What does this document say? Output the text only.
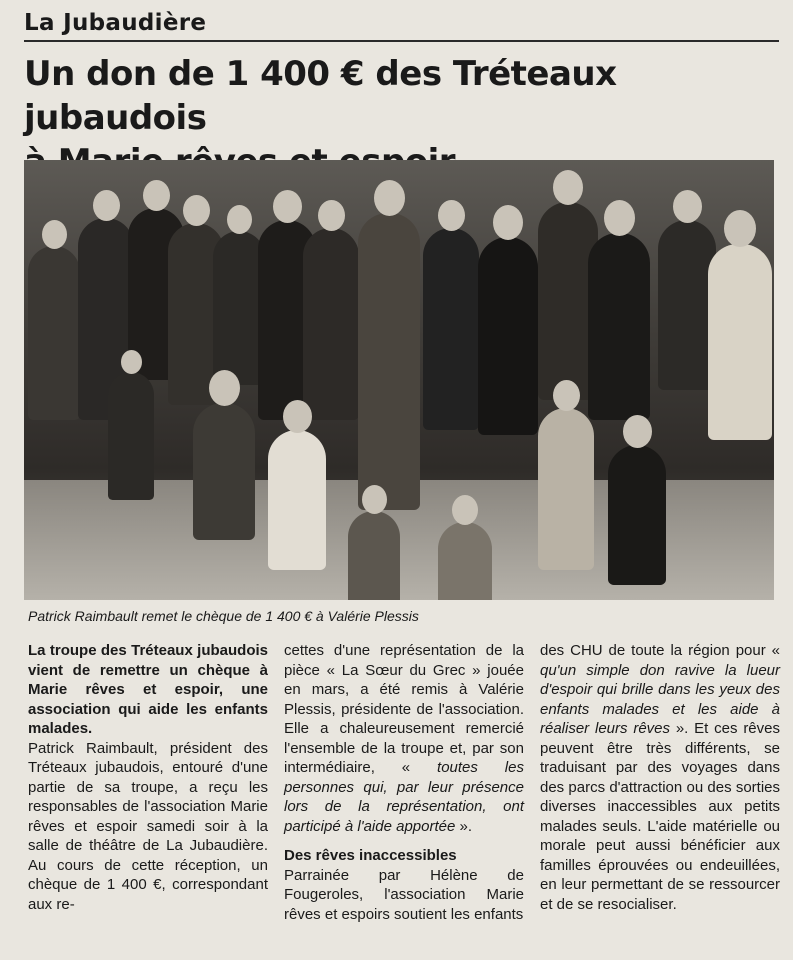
La Jubaudière
Un don de 1 400 € des Tréteaux jubaudois
Patrick Raimbault remet le chèque de 1 400 € à Valérie Plessis

La troupe des Tréteaux jubaudois vient de remettre un chèque à Marie rêves et espoir, une association qui aide les enfants malades.

Patrick Raimbault, président des Tréteaux jubaudois, entouré d'une partie de sa troupe, a reçu les responsables de l'association Marie rêves et espoir samedi soir à la salle de théâtre de La Jubaudière. Au cours de cette réception, un chèque de 1 400 €, correspondant aux re-

cettes d'une représentation de la pièce « La Sœur du Grec » jouée en mars, a été remis à Valérie Plessis, présidente de l'association. Elle a chaleureusement remercié l'ensemble de la troupe et, par son intermédiaire, « toutes les personnes qui, par leur présence lors de la représentation, ont participé à l'aide apportée ».

Des rêves inaccessibles

Parrainée par Hélène de Fougeroles, l'association Marie rêves et espoirs soutient les enfants

des CHU de toute la région pour « qu'un simple don ravive la lueur d'espoir qui brille dans les yeux des enfants malades et les aide à réaliser leurs rêves ». Et ces rêves peuvent être très différents, se traduisant par des voyages dans des parcs d'attraction ou des sorties diverses inaccessibles aux petits malades seuls. L'aide matérielle ou morale peut aussi bénéficier aux familles éprouvées ou endeuillées, en leur permettant de se ressourcer et de se resocialiser.
